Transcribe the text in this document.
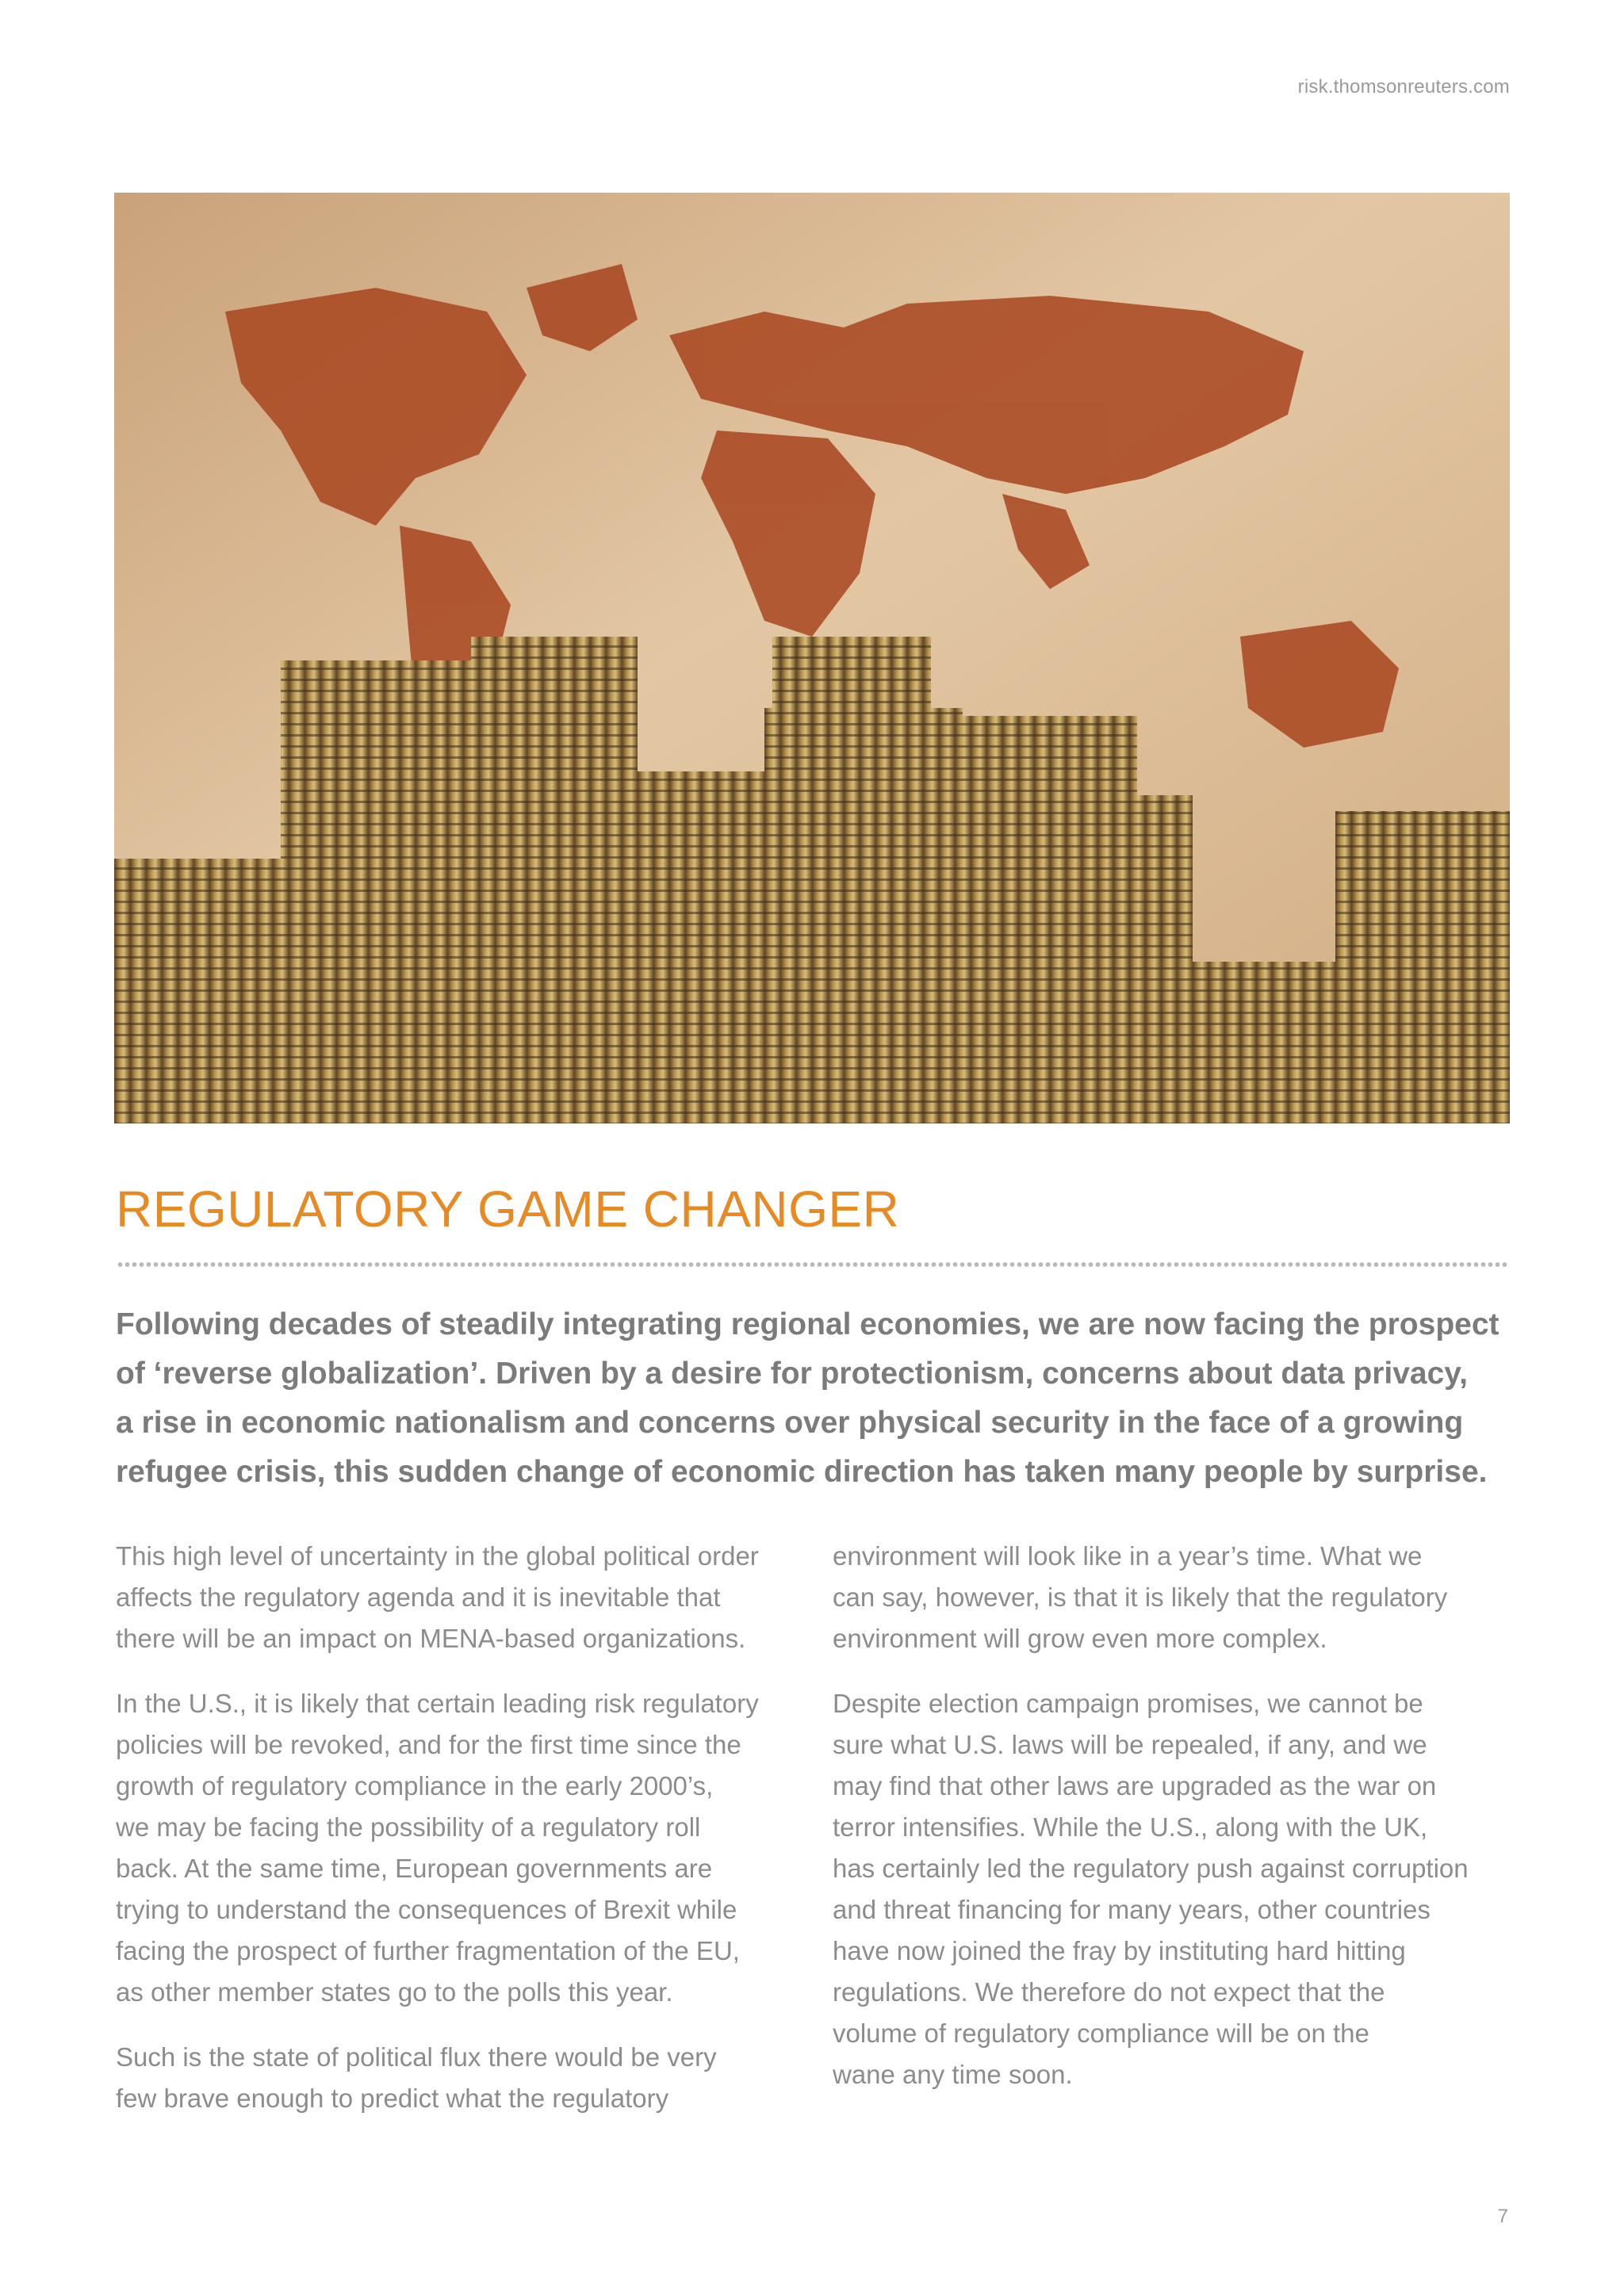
risk.thomsonreuters.com
REGULATORY GAME CHANGER
Following decades of steadily integrating regional economies, we are now facing the prospect
of ‘reverse globalization’. Driven by a desire for protectionism, concerns about data privacy,
a rise in economic nationalism and concerns over physical security in the face of a growing
refugee crisis, this sudden change of economic direction has taken many people by surprise.

This high level of uncertainty in the global political order
affects the regulatory agenda and it is inevitable that
there will be an impact on MENA-based organizations.

In the U.S., it is likely that certain leading risk regulatory
policies will be revoked, and for the first time since the
growth of regulatory compliance in the early 2000’s,
we may be facing the possibility of a regulatory roll
back. At the same time, European governments are
trying to understand the consequences of Brexit while
facing the prospect of further fragmentation of the EU,
as other member states go to the polls this year.

Such is the state of political flux there would be very
few brave enough to predict what the regulatory

environment will look like in a year’s time. What we
can say, however, is that it is likely that the regulatory
environment will grow even more complex.

Despite election campaign promises, we cannot be
sure what U.S. laws will be repealed, if any, and we
may find that other laws are upgraded as the war on
terror intensifies. While the U.S., along with the UK,
has certainly led the regulatory push against corruption
and threat financing for many years, other countries
have now joined the fray by instituting hard hitting
regulations. We therefore do not expect that the
volume of regulatory compliance will be on the
wane any time soon.

7
